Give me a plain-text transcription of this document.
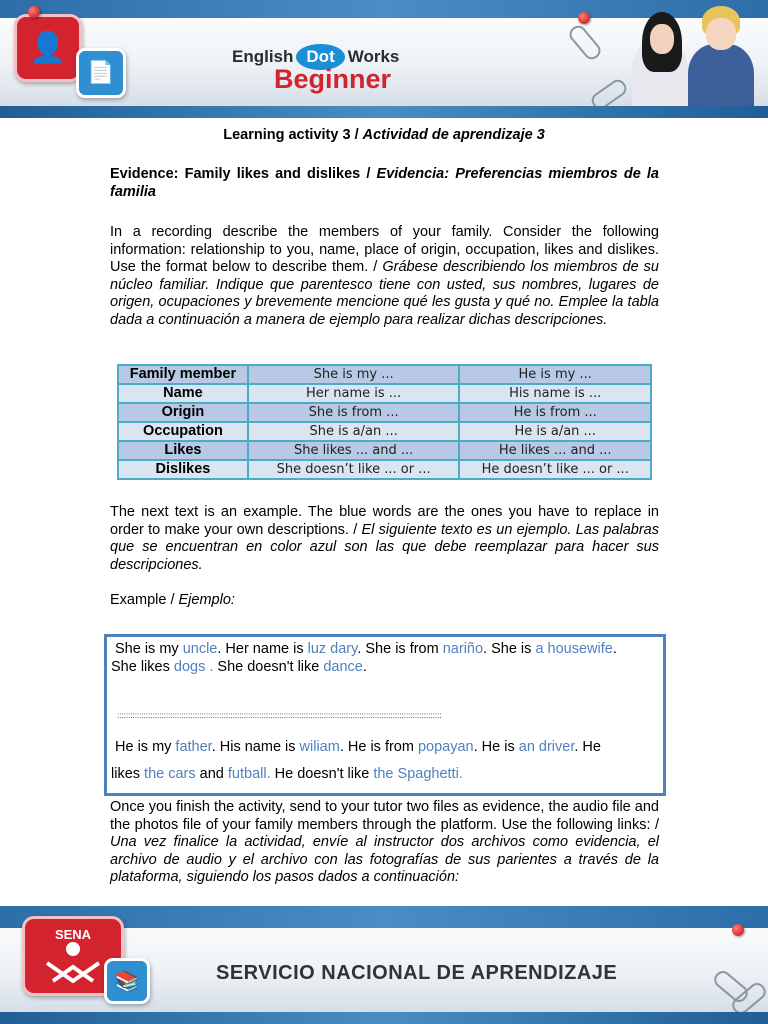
👤
📄
English Dot Works
Beginner
Learning activity 3 / Actividad de aprendizaje 3
Evidence: Family likes and dislikes / Evidencia: Preferencias miembros de la familia
In a recording describe the members of your family. Consider the following information: relationship to you, name, place of origin, occupation, likes and dislikes. Use the format below to describe them. / Grábese describiendo los miembros de su núcleo familiar. Indique que parentesco tiene con usted, sus nombres, lugares de origen, ocupaciones y brevemente mencione qué les gusta y qué no. Emplee la tabla dada a continuación a manera de ejemplo para realizar dichas descripciones.
Family member	She is my ...	He is my ...
Name	Her name is ...	His name is ...
Origin	She is from ...	He is from ...
Occupation	She is a/an ...	He is a/an ...
Likes	She likes ... and ...	He likes ... and ...
Dislikes	She doesn’t like ... or ...	He doesn’t like ... or ...
The next text is an example. The blue words are the ones you have to replace in order to make your own descriptions. / El siguiente texto es un ejemplo. Las palabras que se encuentran en color azul son las que debe reemplazar para hacer sus descripciones.
Example / Ejemplo:
She is my uncle. Her name is luz dary. She is from nariño. She is a housewife.
She likes dogs . She doesn't like dance.
::::::::::::::::::::::::::::::::::::::::::::::::::::::::::::::::::::::::::::::::::::::::::::::::::::::::::::::::::::::::::::::::::::::::::::::::::
He is my father. His name is wiliam. He is from popayan. He is an driver. He
likes the cars and futball. He doesn't like the Spaghetti.
Once you finish the activity, send to your tutor two files as evidence, the audio file and the photos file of your family members through the platform. Use the following links: / Una vez finalice la actividad, envíe al instructor dos archivos como evidencia, el archivo de audio y el archivo con las fotografías de sus parientes a través de la plataforma, siguiendo los pasos dados a continuación:
SENA
📚	SERVICIO NACIONAL DE APRENDIZAJE
